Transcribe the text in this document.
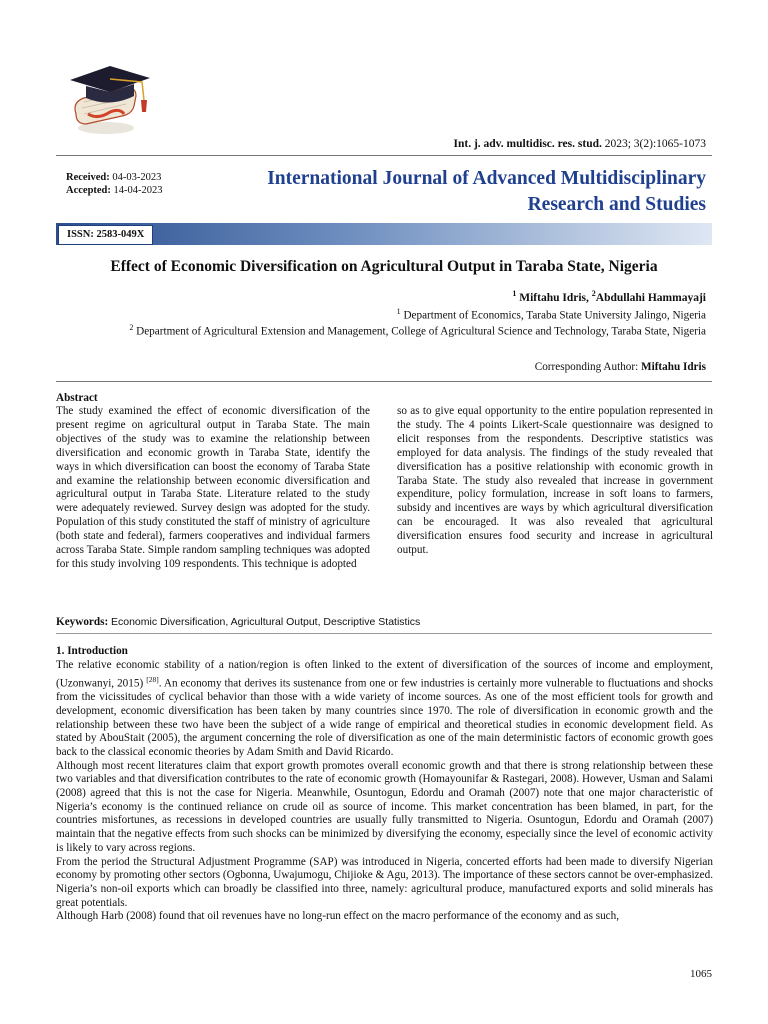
Int. j. adv. multidisc. res. stud. 2023; 3(2):1065-1073
Received: 04-03-2023
Accepted: 14-04-2023
International Journal of Advanced Multidisciplinary
Research and Studies
ISSN: 2583-049X
Effect of Economic Diversification on Agricultural Output in Taraba State, Nigeria
$^1$ Miftahu Idris, $^2$Abdullahi Hammayaji
$^1$ Department of Economics, Taraba State University Jalingo, Nigeria
$^2$ Department of Agricultural Extension and Management, College of Agricultural Science and Technology, Taraba State, Nigeria
Corresponding Author: Miftahu Idris
Abstract
The study examined the effect of economic diversification of the present regime on agricultural output in Taraba State. The main objectives of the study was to examine the relationship between diversification and economic growth in Taraba State, identify the ways in which diversification can boost the economy of Taraba State and examine the relationship between economic diversification and agricultural output in Taraba State. Literature related to the study were adequately reviewed. Survey design was adopted for the study. Population of this study constituted the staff of ministry of agriculture (both state and federal), farmers cooperatives and individual farmers across Taraba State. Simple random sampling techniques was adopted for this study involving 109 respondents. This technique is adopted
so as to give equal opportunity to the entire population represented in the study. The 4 points Likert-Scale questionnaire was designed to elicit responses from the respondents. Descriptive statistics was employed for data analysis. The findings of the study revealed that diversification has a positive relationship with economic growth in Taraba State. The study also revealed that increase in government expenditure, policy formulation, increase in soft loans to farmers, subsidy and incentives are ways by which agricultural diversification can be encouraged. It was also revealed that agricultural diversification ensures food security and increase in agricultural output.
Keywords: Economic Diversification, Agricultural Output, Descriptive Statistics
1. Introduction

The relative economic stability of a nation/region is often linked to the extent of diversification of the sources of income and employment, (Uzonwanyi, 2015) [28]. An economy that derives its sustenance from one or few industries is certainly more vulnerable to fluctuations and shocks from the vicissitudes of cyclical behavior than those with a wide variety of income sources. As one of the most efficient tools for growth and development, economic diversification has been taken by many countries since 1970. The role of diversification in economic growth and the relationship between these two have been the subject of a wide range of empirical and theoretical studies in economic development field. As stated by AbouStait (2005), the argument concerning the role of diversification as one of the main deterministic factors of economic growth goes back to the classical economic theories by Adam Smith and David Ricardo.

Although most recent literatures claim that export growth promotes overall economic growth and that there is strong relationship between these two variables and that diversification contributes to the rate of economic growth (Homayounifar & Rastegari, 2008). However, Usman and Salami (2008) agreed that this is not the case for Nigeria. Meanwhile, Osuntogun, Edordu and Oramah (2007) note that one major characteristic of Nigeria’s economy is the continued reliance on crude oil as source of income. This market concentration has been blamed, in part, for the countries misfortunes, as recessions in developed countries are usually fully transmitted to Nigeria. Osuntogun, Edordu and Oramah (2007) maintain that the negative effects from such shocks can be minimized by diversifying the economy, especially since the level of economic activity is likely to vary across regions.

From the period the Structural Adjustment Programme (SAP) was introduced in Nigeria, concerted efforts had been made to diversify Nigerian economy by promoting other sectors (Ogbonna, Uwajumogu, Chijioke & Agu, 2013). The importance of these sectors cannot be over-emphasized. Nigeria’s non-oil exports which can broadly be classified into three, namely: agricultural produce, manufactured exports and solid minerals has great potentials.

Although Harb (2008) found that oil revenues have no long-run effect on the macro performance of the economy and as such,

1065
